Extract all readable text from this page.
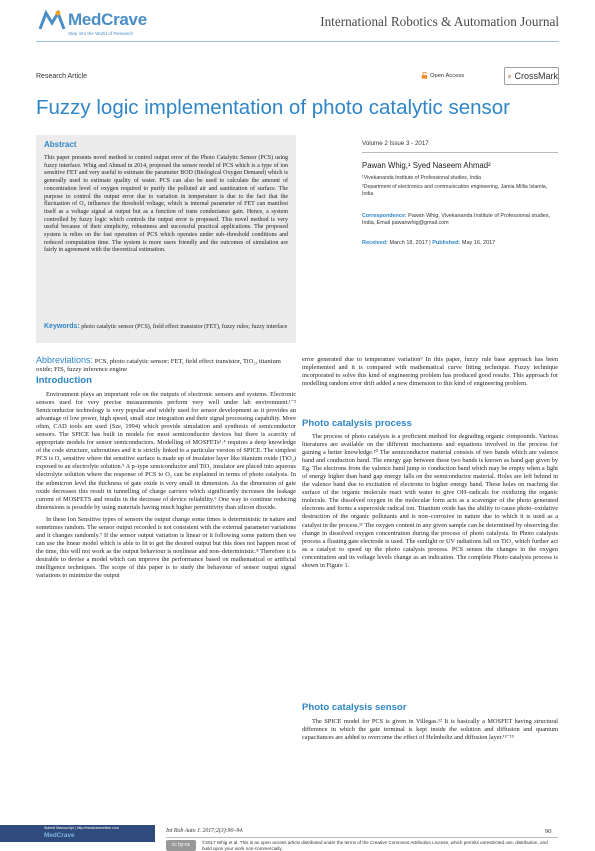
MedCrave
Step into the World of Research
International Robotics & Automation Journal
Research Article	Open Access	CrossMark
Fuzzy logic implementation of photo catalytic sensor
Abstract
This paper presents novel method to control output error of the Photo Catalytic Sensor (PCS) using fuzzy interface. Whig and Ahmad in 2014, proposed the sensor model of PCS which is a type of ion sensitive FET and very useful to estimate the parameter BOD (Biological Oxygen Demand) which is generally used to estimate quality of water. PCS can also be used to calculate the amount of concentration level of oxygen required to purify the polluted air and sanitization of surface. The purpose to control the output error due to variation in temperature is due to the fact that the fluctuation of O₂ influence the threshold voltage, which is internal parameter of FET can manifest itself as a voltage signal at output but as a function of trans conductance gain. Hence, a system controlled by fuzzy logic which controls the output error is proposed. This novel method is very useful because of their simplicity, robustness and successful practical applications. The proposed system is relies on the fast operation of PCS which operates under sub–threshold conditions and reduced computation time. The system is more users friendly and the outcomes of simulation are fairly in agreement with the theoretical estimation.
Keywords: photo catalytic sensor (PCS), field effect transistor (FET), fuzzy rules; fuzzy interface
Volume 2 Issue 3 - 2017
Pawan Whig,¹ Syed Naseem Ahmad²
¹Vivekananda Institute of Professional studies, India
²Department of electronics and communication engineering, Jamia Millia Islamia, India
Correspondence: Pawan Whig, Vivekananda Institute of Professional studies, India, Email pawanwhig@gmail.com
Received: March 18, 2017 | Published: May 16, 2017
Abbreviations: PCS, photo catalytic sensor; FET, field effect transistor, TiO₂, titanium oxide; FIS, fuzzy inference engine
Introduction

Environment plays an important role on the outputs of electronic sensors and systems. Electronic sensors used for very precise measurements perform very well under lab environment.¹⁻² Semiconductor technology is very popular and widely used for sensor development as it provides an advantage of low power, high speed, small size integration and their signal processing capability. More often, CAD tools are used (Sze, 1994) which provide simulation and synthesis of semiconductor sensors. The SPICE has built in models for most semiconductor devices but there is scarcity of appropriate models for sensor semiconductors. Modelling of MOSFETs³˒⁴ requires a deep knowledge of the code structure, subroutines and it is strictly linked to a particular version of SPICE. The simplest PCS is O₂ sensitive where the sensitive surface is made up of insulator layer like titanium oxide (TiO₂) exposed to an electrolyte solution.⁵ A p–type semiconductor and TiO₂ insulator are placed into aqueous electrolyte solution where the response of PCS to O₂ can be explained in terms of photo catalysis. In the submicron level the thickness of gate oxide is very small in dimension. As the dimension of gate oxide decreases this result in tunnelling of charge carriers which significantly increases the leakage current of MOSFETS and results in the decrease of device reliability.⁶ One way to continue reducing dimensions is possible by using materials having much higher permittivity than silicon dioxide.

In these Ion Sensitive types of sensors the output change some times is deterministic in nature and sometimes random. The sensor output recorded is not consistent with the external parameter variations and it changes randomly.⁷ If the sensor output variation is linear or it following some pattern then we can use the linear model which is able to fit to get the desired output but this does not happen most of the time, this will not work as the output behaviour is nonlinear and non–deterministic.⁸ Therefore it is desirable to devise a model which can improve the performance based on mathematical or artificial intelligence techniques. The scope of this paper is to study the behaviour of sensor output signal variations to minimize the output

error generated due to temperature variation⁹ In this paper, fuzzy rule base approach has been implemented and it is compared with mathematical curve fitting technique. Fuzzy technique incorporated to solve this kind of engineering problem has produced good results. This approach for modelling random error drift added a new dimension to this kind of engineering problem.

Photo catalysis process

The process of photo catalysis is a proficient method for degrading organic compounds. Various literatures are available on the different mechanisms and equations involved in the process for gaining a better knowledge.¹⁰ The semiconductor material consists of two bands which are valence band and conduction band. The energy gap between these two bands is known as band gap given by Eg. The electrons from the valence band jump to conduction band which may be empty when a light of energy higher than band gap energy falls on the semiconductor material. Holes are left behind in the valence band due to excitation of electrons to higher energy band. These holes on reaching the surface of the organic molecule react with water to give OH–radicals for oxidizing the organic molecule. The dissolved oxygen in the molecular form acts as a scavenger of the photo generated electrons and forms a superoxide radical ion. Titanium oxide has the ability to cause photo–oxidative destruction of the organic pollutants and is non–corrosive in nature due to which it is used as a catalyst in the process.¹¹ The oxygen content in any given sample can be determined by observing the change in dissolved oxygen concentration during the process of photo catalysis. In Photo catalysis process a floating gate electrode is used. The sunlight or UV radiations fall on TiO₂ which further act as a catalyst to speed up the photo catalysis process. PCS senses the changes in the oxygen concentration and its voltage levels change as an indication. The complete Photo catalysis process is shown in Figure 1.

Photo catalysis sensor

The SPICE model for PCS is given in Villegas.¹² It is basically a MOSFET having structural difference in which the gate terminal is kept inside the solution and diffusion and quantum capacitances are added to overcome the effect of Helmholtz and diffusion layer.¹³⁻¹⁵

Submit Manuscript | http://medcraveonline.com
MedCrave
Int Rob Auto J. 2017;2(3):90–94.	90
cc by-nc	©2017 Whig et al. This is an open access article distributed under the terms of the Creative Commons Attribution License, which permits unrestricted use, distribution, and build upon your work non-commercially.
